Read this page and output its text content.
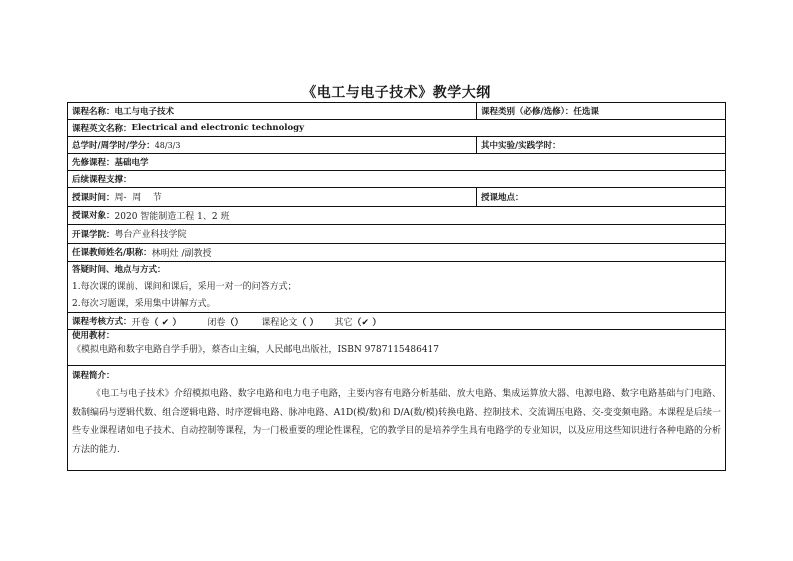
《电工与电子技术》教学大纲
课程名称： 电工与电子技术	课程类别（必修/选修）： 任选课
课程英文名称： Electrical and electronic technology
总学时/周学时/学分： 48/3/3	其中实验/实践学时：
先修课程： 基础电学
后续课程支撑：
授课时间： 周-  周    节	授课地点：
授课对象： 2020 智能制造工程 1、2 班
开课学院： 粤台产业科技学院
任课教师姓名/职称： 林明灶 /副教授
答疑时间、地点与方式：
1.每次课的课前、课间和课后，采用一对一的问答方式；
2.每次习题课，采用集中讲解方式。
课程考核方式： 开卷（ ✔ ）	闭卷（） 课程论文（ ） 其它（✔ ）
使用教材：
《模拟电路和数字电路自学手册》，蔡杏山主编，人民邮电出版社，ISBN 9787115486417
课程简介：

《电工与电子技术》介绍模拟电路、数字电路和电力电子电路，主要内容有电路分析基础、放大电路、集成运算放大器、电源电路、数字电路基础与门电路、数制编码与逻辑代数、组合逻辑电路、时序逻辑电路、脉冲电路、A1D(模/数)和 D/A(数/模)转换电路、控制技术、交流调压电路、交-变变频电路。本课程是后续一些专业课程诸如电子技术、自动控制等课程，为一门极重要的理论性课程，它的教学目的是培养学生具有电路学的专业知识，以及应用这些知识进行各种电路的分析方法的能力.
